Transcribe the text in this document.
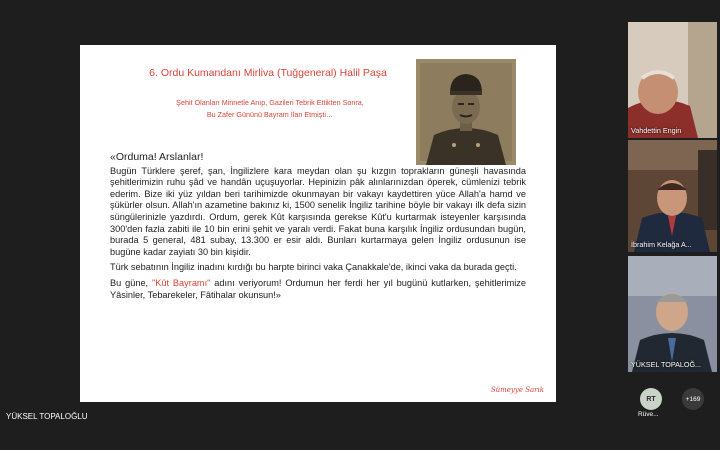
6. Ordu Kumandanı Mirliva (Tuğgeneral) Halil Paşa
Şehit Olanları Minnetle Anıp, Gazileri Tebrik Ettikten Sonra,
Bu Zafer Gününü Bayram İlan Etmişti…

«Orduma! Arslanlar!

Bugün Türklere şeref, şan, İngilizlere kara meydan olan şu kızgın toprakların güneşli havasında şehitlerimizin ruhu şâd ve handân uçuşuyorlar. Hepinizin pâk alınlarınızdan öperek, cümlenizi tebrik ederim. Bize iki yüz yıldan beri tarihimizde okunmayan bir vakayı kaydettiren yüce Allah'a hamd ve şükürler olsun. Allah'ın azametine bakınız ki, 1500 senelik İngiliz tarihine böyle bir vakayı ilk defa sizin süngülerinizle yazdırdı. Ordum, gerek Kût karşısında gerekse Kût'u kurtarmak isteyenler karşısında 300'den fazla zabiti ile 10 bin erini şehit ve yaralı verdi. Fakat buna karşılık İngiliz ordusundan bugün, burada 5 general, 481 subay, 13.300 er esir aldı. Bunları kurtarmaya gelen İngiliz ordusunun ise bugüne kadar zayiatı 30 bin kişidir.

Türk sebatının İngiliz inadını kırdığı bu harpte birinci vaka Çanakkale'de, ikinci vaka da burada geçti.

Bu güne, "Kût Bayramı" adını veriyorum! Ordumun her ferdi her yıl bugünü kutlarken, şehitlerimize Yâsinler, Tebarekeler, Fâtihalar okunsun!»

Sümeyye Sarık
YÜKSEL TOPALOĞLU
Vahdettin Engin
İbrahim Kelağa A...
YÜKSEL TOPALOĞ...
RT
Rüve...
+169
